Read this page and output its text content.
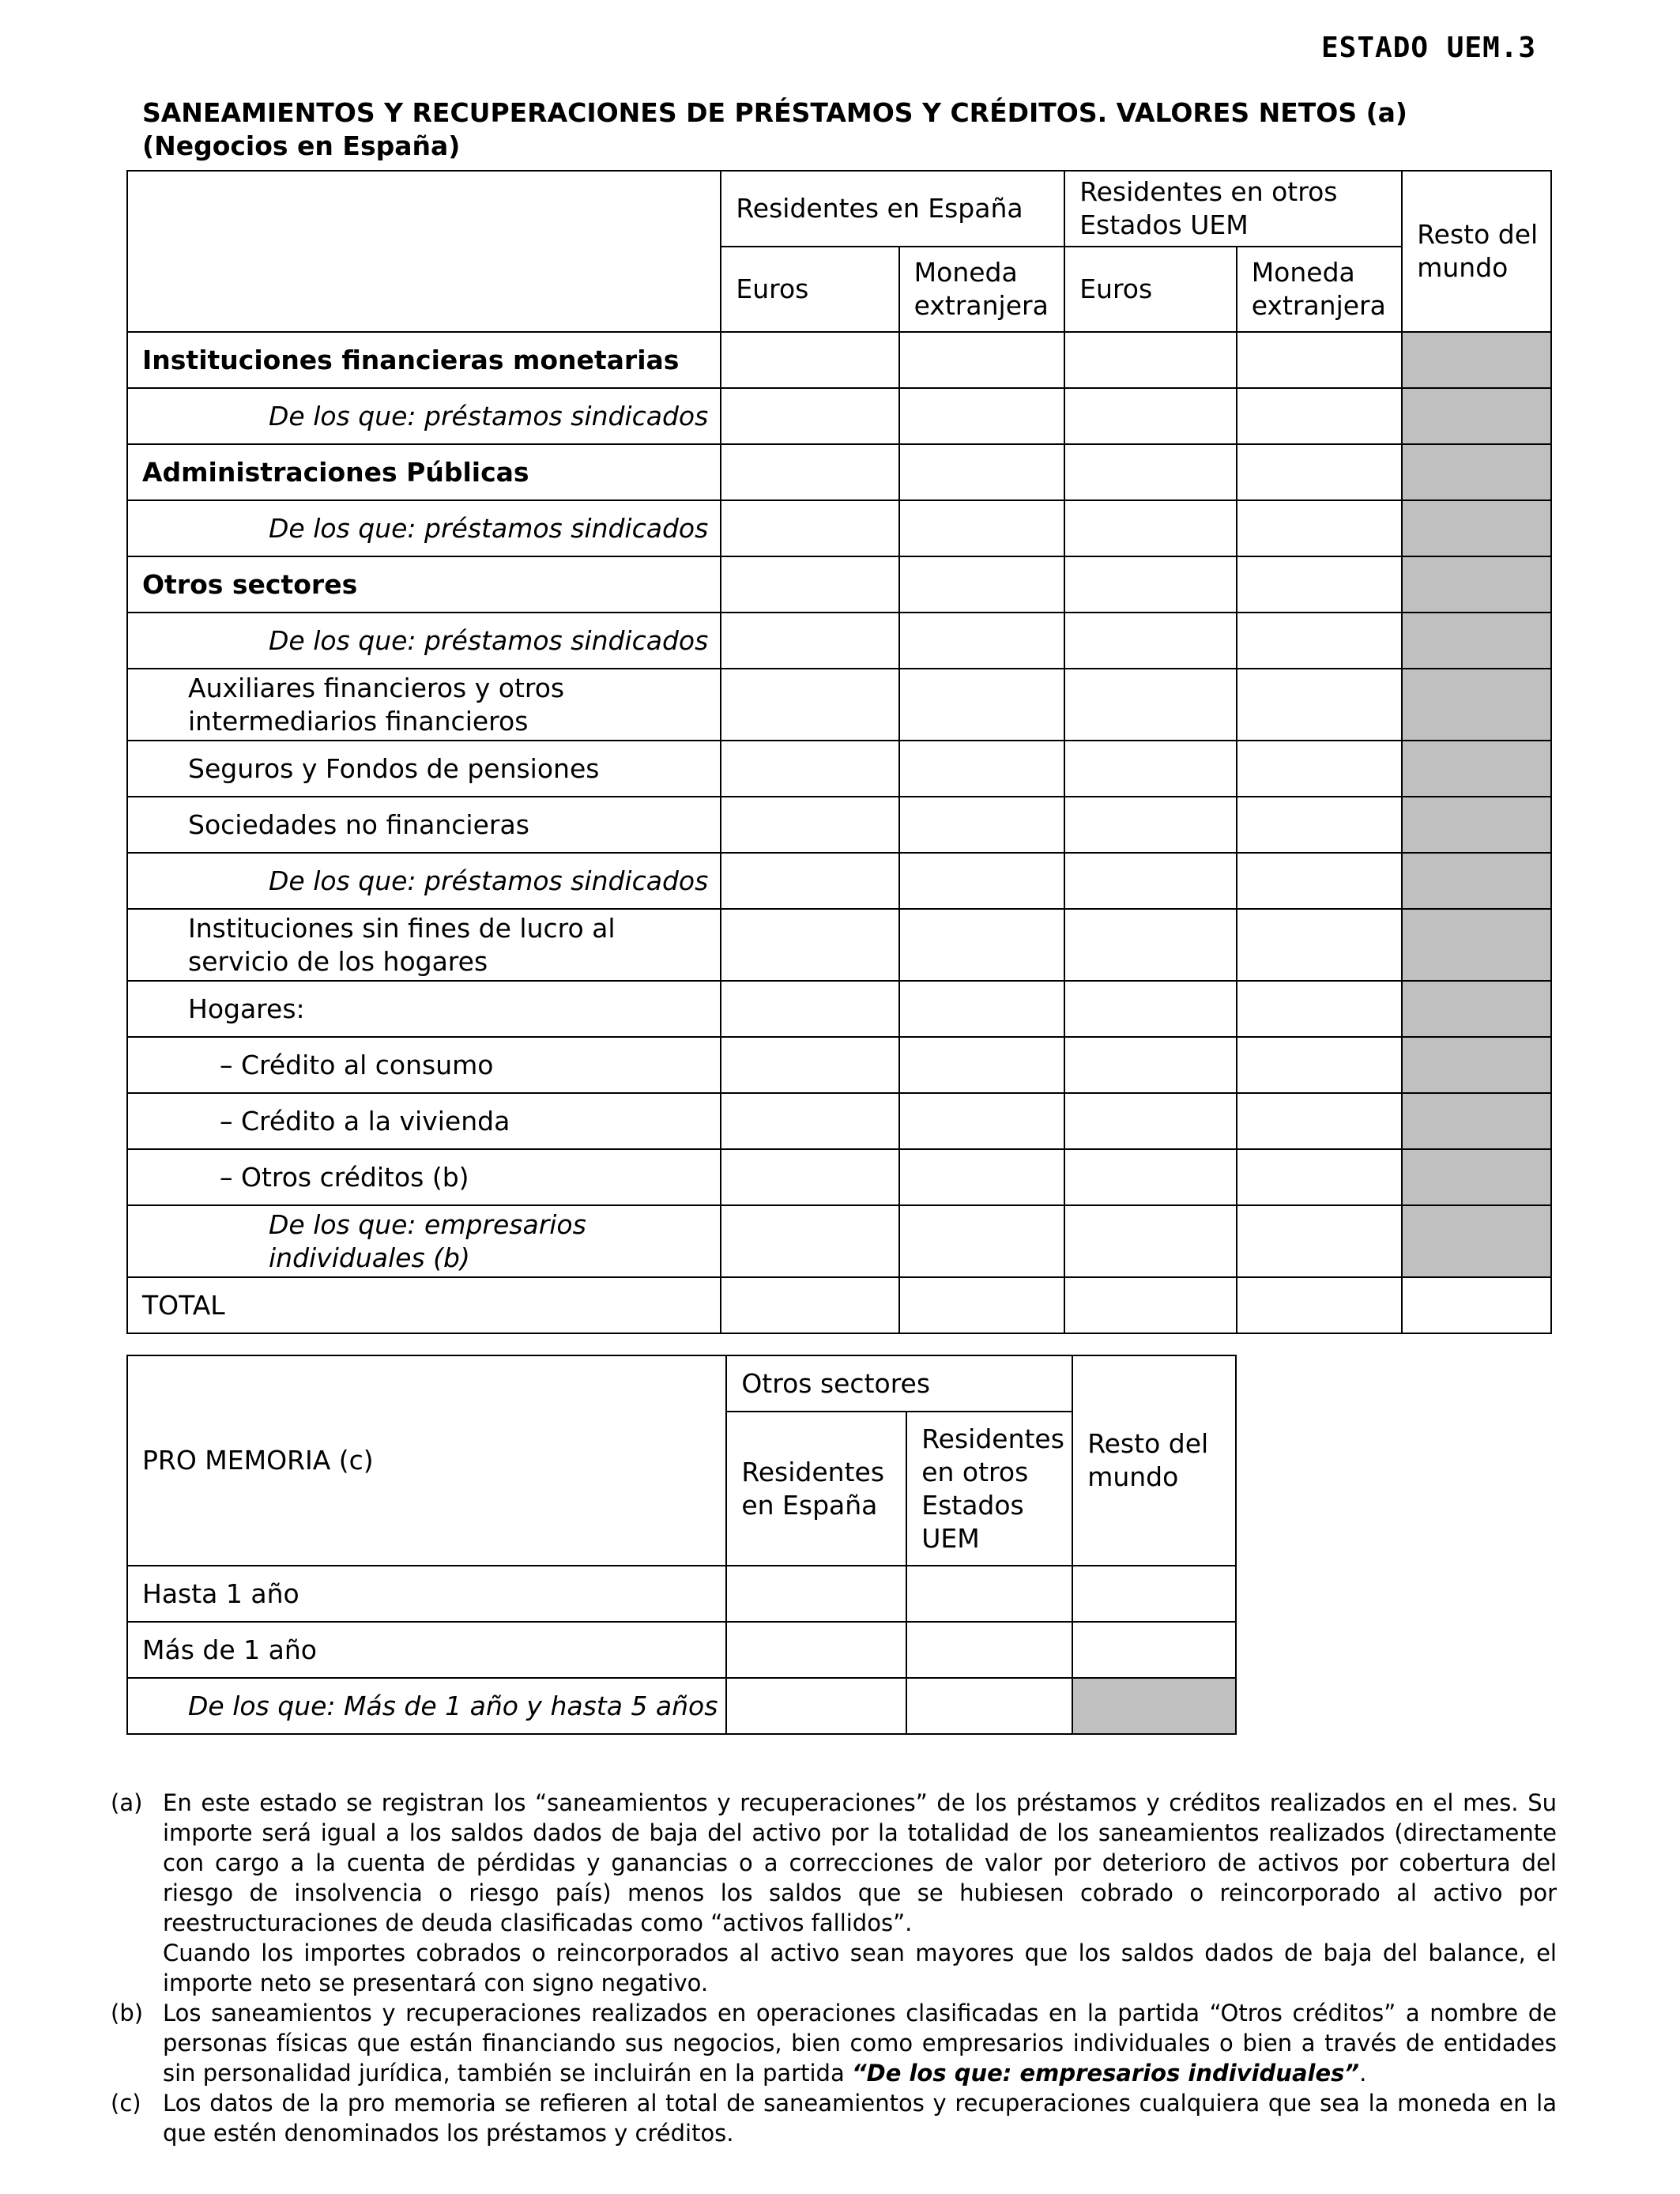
ESTADO UEM.3
SANEAMIENTOS Y RECUPERACIONES DE PRÉSTAMOS Y CRÉDITOS. VALORES NETOS (a)
(Negocios en España)
	Residentes en España		Residentes en otros Estados UEM		Resto del mundo
	Euros	Moneda extranjera	Euros	Moneda extranjera	
Instituciones financieras monetarias					
De los que: préstamos sindicados					
Administraciones Públicas					
De los que: préstamos sindicados					
Otros sectores					
De los que: préstamos sindicados					
Auxiliares financieros y otros intermediarios financieros					
Seguros y Fondos de pensiones					
Sociedades no financieras					
De los que: préstamos sindicados					
Instituciones sin fines de lucro al servicio de los hogares					
Hogares:					
– Crédito al consumo					
– Crédito a la vivienda					
– Otros créditos (b)					
De los que: empresarios individuales (b)					
TOTAL					
PRO MEMORIA (c)	Otros sectores		Resto del mundo
	Residentes en España	Residentes en otros Estados UEM	
Hasta 1 año			
Más de 1 año			
De los que: Más de 1 año y hasta 5 años			
(a) En este estado se registran los “saneamientos y recuperaciones” de los préstamos y créditos realizados en el mes. Su importe será igual a los saldos dados de baja del activo por la totalidad de los saneamientos realizados (directamente con cargo a la cuenta de pérdidas y ganancias o a correcciones de valor por deterioro de activos por cobertura del riesgo de insolvencia o riesgo país) menos los saldos que se hubiesen cobrado o reincorporado al activo por reestructuraciones de deuda clasificadas como “activos fallidos”.

Cuando los importes cobrados o reincorporados al activo sean mayores que los saldos dados de baja del balance, el importe neto se presentará con signo negativo.

(b) Los saneamientos y recuperaciones realizados en operaciones clasificadas en la partida “Otros créditos” a nombre de personas físicas que están financiando sus negocios, bien como empresarios individuales o bien a través de entidades sin personalidad jurídica, también se incluirán en la partida “De los que: empresarios individuales”.

(c) Los datos de la pro memoria se refieren al total de saneamientos y recuperaciones cualquiera que sea la moneda en la que estén denominados los préstamos y créditos.
